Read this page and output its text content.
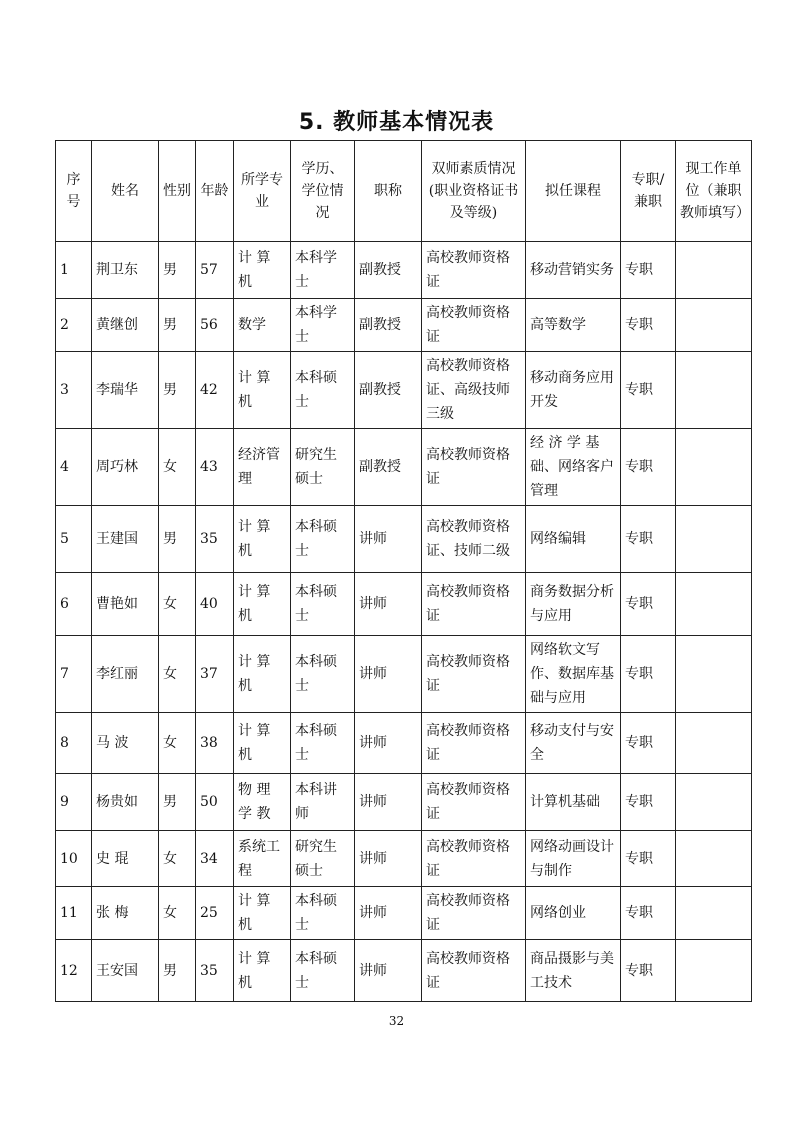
5. 教师基本情况表
序号	姓名	性别	年龄	所学专业	学历、学位情况	职称	双师素质情况(职业资格证书及等级)	拟任课程	专职/兼职	现工作单位（兼职教师填写）
1	荆卫东	男	57	计 算 机	本科学士	副教授	高校教师资格证	移动营销实务	专职	
2	黄继创	男	56	数学	本科学士	副教授	高校教师资格证	高等数学	专职	
3	李瑞华	男	42	计 算 机	本科硕士	副教授	高校教师资格证、高级技师三级	移动商务应用开发	专职	
4	周巧林	女	43	经济管理	研究生硕士	副教授	高校教师资格证	经 济 学 基 础、网络客户管理	专职	
5	王建国	男	35	计 算 机	本科硕士	讲师	高校教师资格证、技师二级	网络编辑	专职	
6	曹艳如	女	40	计 算 机	本科硕士	讲师	高校教师资格证	商务数据分析与应用	专职	
7	李红丽	女	37	计 算 机	本科硕士	讲师	高校教师资格证	网络软文写作、数据库基础与应用	专职	
8	马 波	女	38	计 算 机	本科硕士	讲师	高校教师资格证	移动支付与安全	专职	
9	杨贵如	男	50	物 理 学 教	本科讲师	讲师	高校教师资格证	计算机基础	专职	
10	史 琨	女	34	系统工程	研究生硕士	讲师	高校教师资格证	网络动画设计与制作	专职	
11	张 梅	女	25	计 算 机	本科硕士	讲师	高校教师资格证	网络创业	专职	
12	王安国	男	35	计 算 机	本科硕士	讲师	高校教师资格证	商品摄影与美工技术	专职	
32
